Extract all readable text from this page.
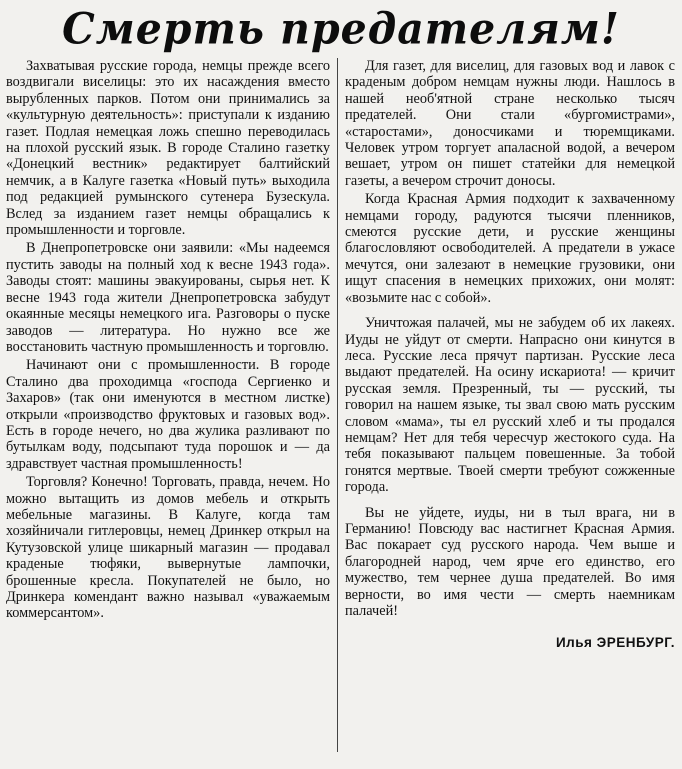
Смерть предателям!

Захватывая русские города, немцы прежде всего воздвигали виселицы: это их насаждения вместо вырубленных парков. Потом они принимались за «культурную деятельность»: приступали к изданию газет. Подлая немецкая ложь спешно переводилась на плохой русский язык. В городе Сталино газетку «Донецкий вестник» редактирует балтийский немчик, а в Калуге газетка «Новый путь» выходила под редакцией румынского сутенера Бузескула. Вслед за изданием газет немцы обращались к промышленности и торговле.

В Днепропетровске они заявили: «Мы надеемся пустить заводы на полный ход к весне 1943 года». Заводы стоят: машины эвакуированы, сырья нет. К весне 1943 года жители Днепропетровска забудут окаянные месяцы немецкого ига. Разговоры о пуске заводов — литература. Но нужно все же восстановить частную промышленность и торговлю.

Начинают они с промышленности. В городе Сталино два проходимца «господа Сергиенко и Захаров» (так они именуются в местном листке) открыли «производство фруктовых и газовых вод». Есть в городе нечего, но два жулика разливают по бутылкам воду, подсыпают туда порошок и — да здравствует частная промышленность!

Торговля? Конечно! Торговать, правда, нечем. Но можно вытащить из домов мебель и открыть мебельные магазины. В Калуге, когда там хозяйничали гитлеровцы, немец Дринкер открыл на Кутузовской улице шикарный магазин — продавал краденые тюфяки, вывернутые лампочки, брошенные кресла. Покупателей не было, но Дринкера комендант важно называл «уважаемым коммерсантом».

Для газет, для виселиц, для газовых вод и лавок с краденым добром немцам нужны люди. Нашлось в нашей необ'ятной стране несколько тысяч предателей. Они стали «бургомистрами», «старостами», доносчиками и тюремщиками. Человек утром торгует апаласной водой, а вечером вешает, утром он пишет статейки для немецкой газеты, а вечером строчит доносы.

Когда Красная Армия подходит к захваченному немцами городу, радуются тысячи пленников, смеются русские дети, и русские женщины благословляют освободителей. А предатели в ужасе мечутся, они залезают в немецкие грузовики, они ищут спасения в немецких прихожих, они молят: «возьмите нас с собой».

Уничтожая палачей, мы не забудем об их лакеях. Иуды не уйдут от смерти. Напрасно они кинутся в леса. Русские леса прячут партизан. Русские леса выдают предателей. На осину искариота! — кричит русская земля. Презренный, ты — русский, ты говорил на нашем языке, ты звал свою мать русским словом «мама», ты ел русский хлеб и ты продался немцам? Нет для тебя чересчур жестокого суда. На тебя показывают пальцем повешенные. За тобой гонятся мертвые. Твоей смерти требуют сожженные города.

Вы не уйдете, иуды, ни в тыл врага, ни в Германию! Повсюду вас настигнет Красная Армия. Вас покарает суд русского народа. Чем выше и благородней народ, чем ярче его единство, его мужество, тем чернее душа предателей. Во имя верности, во имя чести — смерть наемникам палачей!

Илья ЭРЕНБУРГ.
